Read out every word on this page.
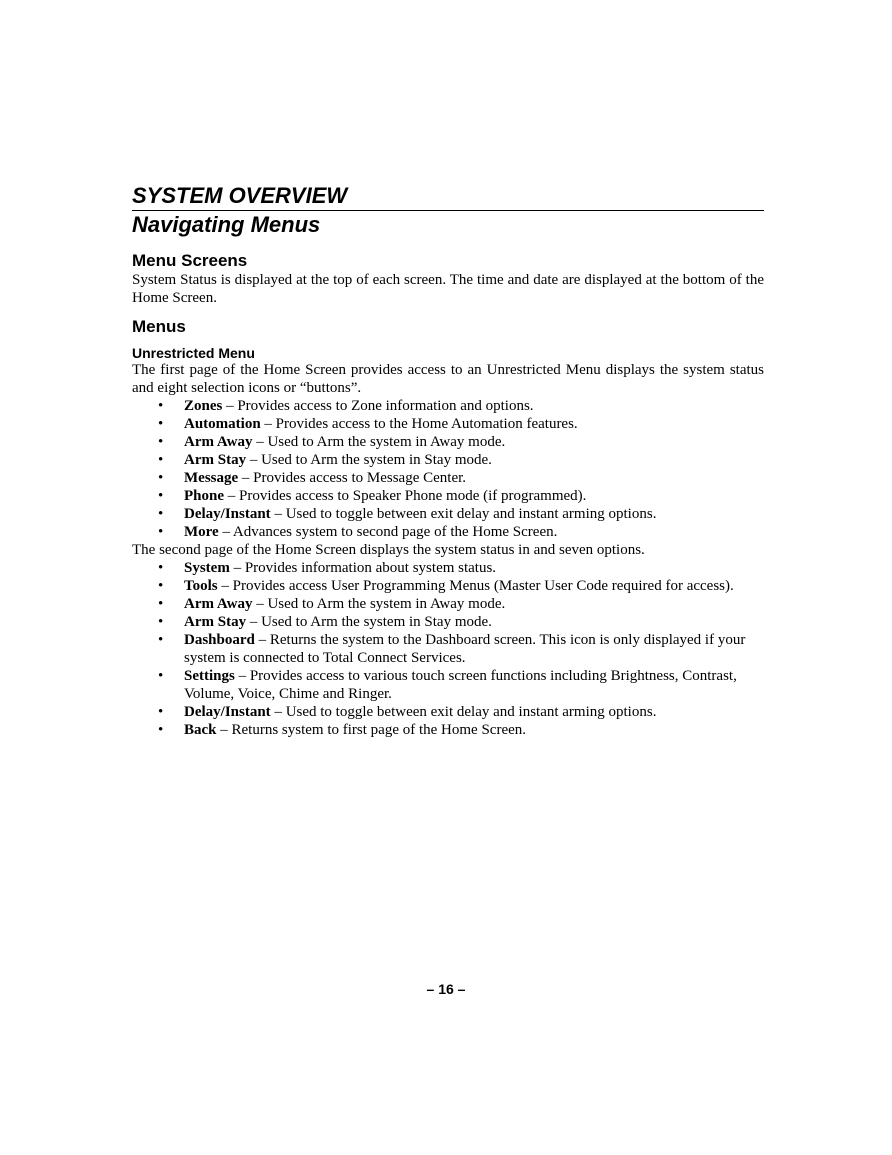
SYSTEM OVERVIEW
Navigating Menus
Menu Screens

System Status is displayed at the top of each screen. The time and date are displayed at the bottom of the Home Screen.

Menus
Unrestricted Menu

The first page of the Home Screen provides access to an Unrestricted Menu displays the system status and eight selection icons or “buttons”.

• Zones – Provides access to Zone information and options.
• Automation – Provides access to the Home Automation features.
• Arm Away – Used to Arm the system in Away mode.
• Arm Stay – Used to Arm the system in Stay mode.
• Message – Provides access to Message Center.
• Phone – Provides access to Speaker Phone mode (if programmed).
• Delay/Instant – Used to toggle between exit delay and instant arming options.
• More – Advances system to second page of the Home Screen.

The second page of the Home Screen displays the system status in and seven options.

• System – Provides information about system status.
• Tools – Provides access User Programming Menus (Master User Code required for access).
• Arm Away – Used to Arm the system in Away mode.
• Arm Stay – Used to Arm the system in Stay mode.
• Dashboard – Returns the system to the Dashboard screen. This icon is only displayed if your system is connected to Total Connect Services.
• Settings – Provides access to various touch screen functions including Brightness, Contrast, Volume, Voice, Chime and Ringer.
• Delay/Instant – Used to toggle between exit delay and instant arming options.
• Back – Returns system to first page of the Home Screen.
– 16 –
